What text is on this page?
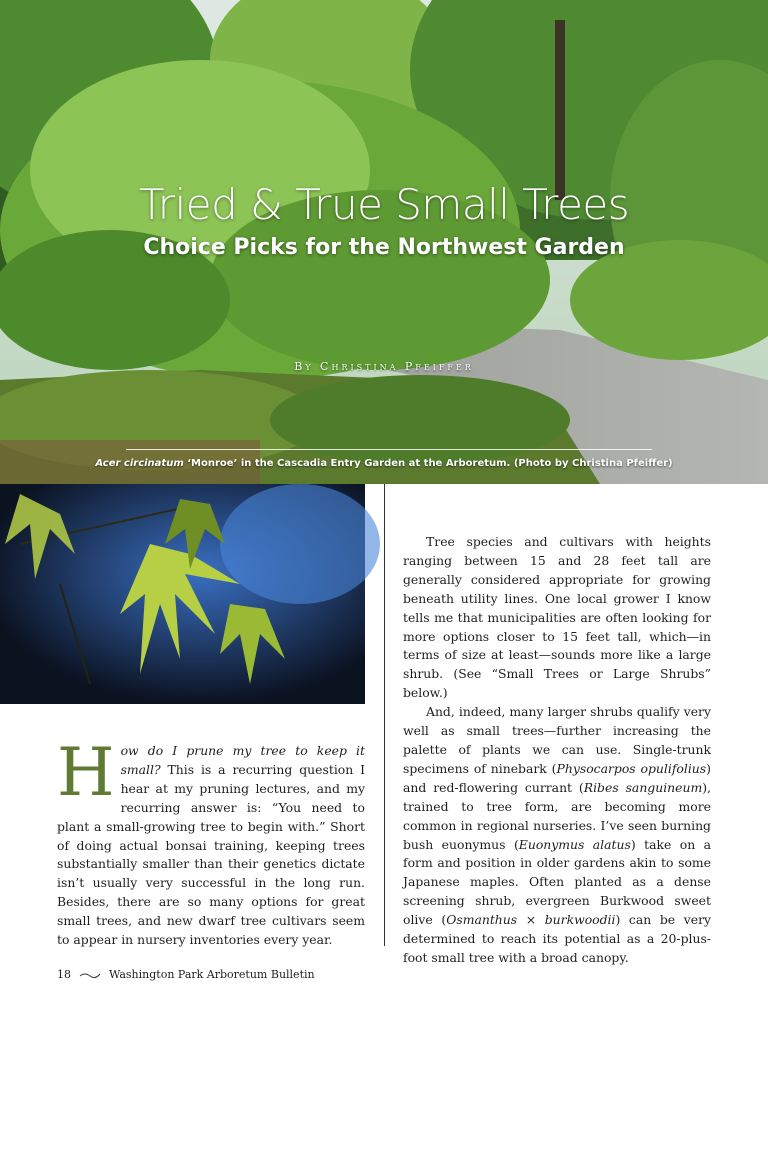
Tried & True Small Trees
Choice Picks for the Northwest Garden
By Christina Pfeiffer
Acer circinatum ‘Monroe’ in the Cascadia Entry Garden at the Arboretum. (Photo by Christina Pfeiffer)
Foliage close-up of ‘Monroe’. (Photo by Richie Steffen)

How do I prune my tree to keep it small? This is a recurring question I hear at my pruning lectures, and my recurring answer is: “You need to plant a small-growing tree to begin with.” Short of doing actual bonsai training, keeping trees substantially smaller than their genetics dictate isn’t usually very successful in the long run. Besides, there are so many options for great small trees, and new dwarf tree cultivars seem to appear in nursery inventories every year.

Tree species and cultivars with heights ranging between 15 and 28 feet tall are generally considered appropriate for growing beneath utility lines. One local grower I know tells me that municipalities are often looking for more options closer to 15 feet tall, which—in terms of size at least—sounds more like a large shrub. (See “Small Trees or Large Shrubs” below.)

And, indeed, many larger shrubs qualify very well as small trees—further increasing the palette of plants we can use. Single-trunk specimens of ninebark (Physocarpos opulifolius) and red-flowering currant (Ribes sanguineum), trained to tree form, are becoming more common in regional nurseries. I’ve seen burning bush euonymus (Euonymus alatus) take on a form and position in older gardens akin to some Japanese maples. Often planted as a dense screening shrub, evergreen Burkwood sweet olive (Osmanthus × burkwoodii) can be very determined to reach its potential as a 20-plus-foot small tree with a broad canopy.

18	Washington Park Arboretum Bulletin
